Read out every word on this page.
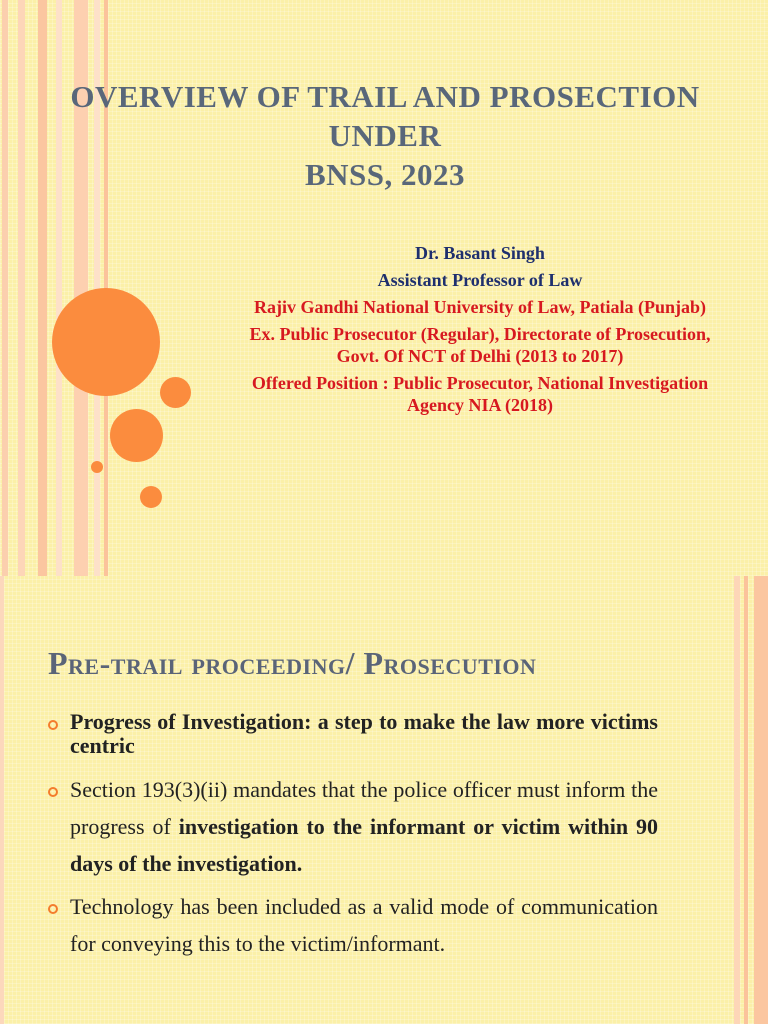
OVERVIEW OF TRAIL AND PROSECTION
UNDER
BNSS, 2023
Dr. Basant Singh
Assistant Professor of Law
Rajiv Gandhi National University of Law, Patiala (Punjab)
Ex. Public Prosecutor (Regular), Directorate of Prosecution, Govt. Of NCT of Delhi (2013 to 2017)
Offered Position : Public Prosecutor, National Investigation Agency NIA (2018)
Pre-trail proceeding/ Prosecution
Progress of Investigation: a step to make the law more victims centric
Section 193(3)(ii) mandates that the police officer must inform the progress of investigation to the informant or victim within 90 days of the investigation.
Technology has been included as a valid mode of communication for conveying this to the victim/informant.
